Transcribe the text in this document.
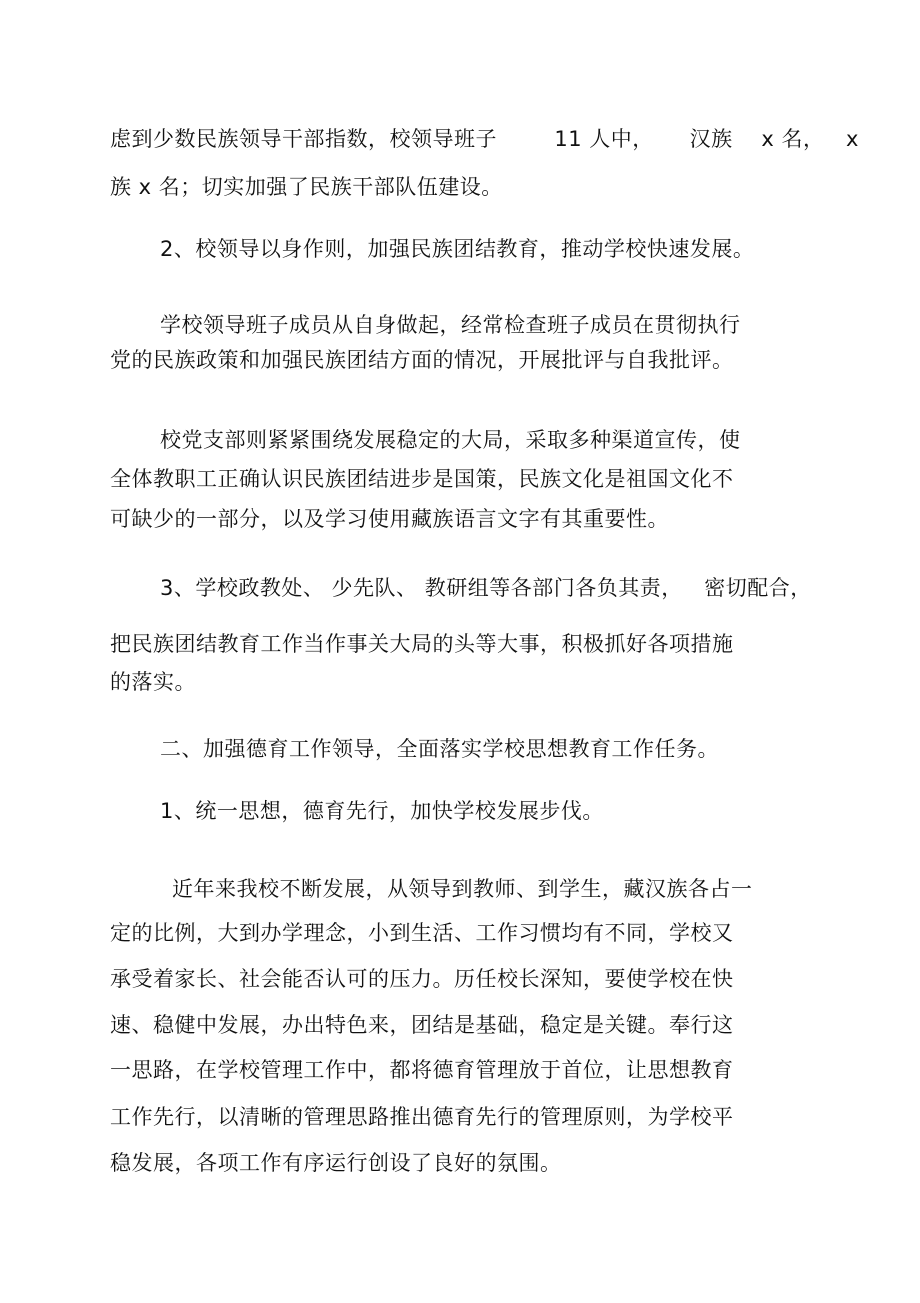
虑到少数民族领导干部指数，校领导班子        11 人中，     汉族    x 名，   x
族 x 名；切实加强了民族干部队伍建设。
2、校领导以身作则，加强民族团结教育，推动学校快速发展。
学校领导班子成员从自身做起，经常检查班子成员在贯彻执行
党的民族政策和加强民族团结方面的情况，开展批评与自我批评。
校党支部则紧紧围绕发展稳定的大局，采取多种渠道宣传，使
全体教职工正确认识民族团结进步是国策，民族文化是祖国文化不
可缺少的一部分，以及学习使用藏族语言文字有其重要性。
3、学校政教处、 少先队、 教研组等各部门各负其责，   密切配合，
把民族团结教育工作当作事关大局的头等大事，积极抓好各项措施
的落实。
二、加强德育工作领导，全面落实学校思想教育工作任务。
1、统一思想，德育先行，加快学校发展步伐。
近年来我校不断发展，从领导到教师、到学生，藏汉族各占一
定的比例，大到办学理念，小到生活、工作习惯均有不同，学校又
承受着家长、社会能否认可的压力。历任校长深知，要使学校在快
速、稳健中发展，办出特色来，团结是基础，稳定是关键。奉行这
一思路，在学校管理工作中，都将德育管理放于首位，让思想教育
工作先行，以清晰的管理思路推出德育先行的管理原则，为学校平
稳发展，各项工作有序运行创设了良好的氛围。
